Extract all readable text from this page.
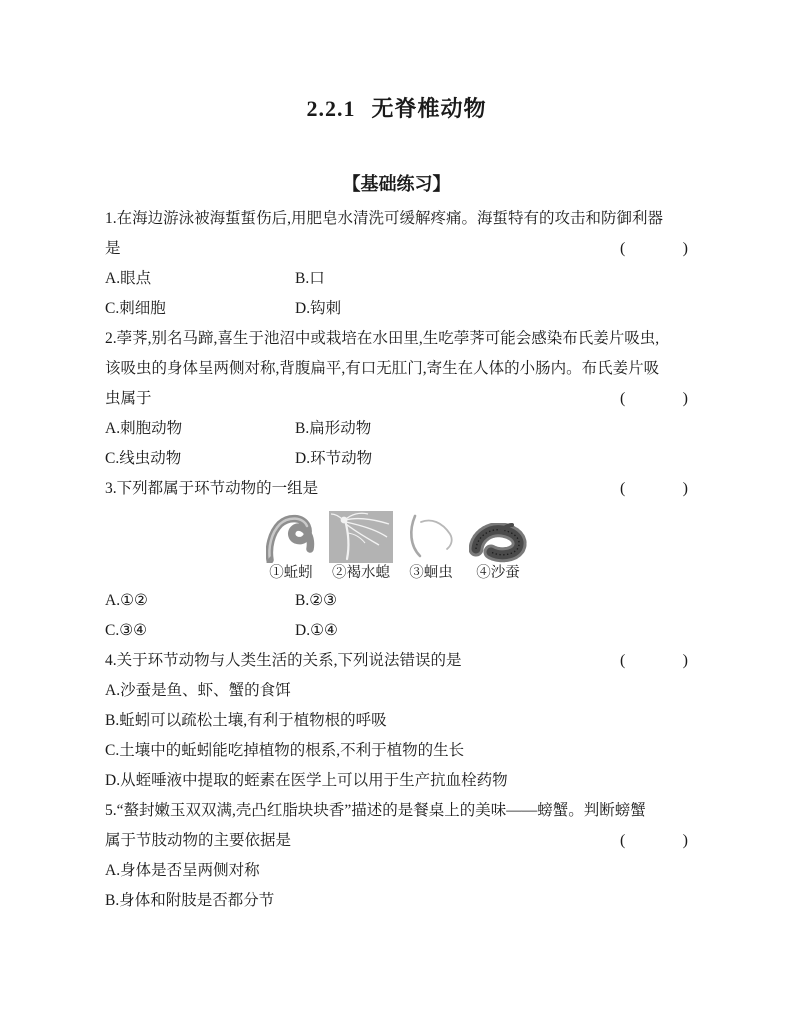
2.2.1 无脊椎动物
【基础练习】
1.在海边游泳被海蜇蜇伤后,用肥皂水清洗可缓解疼痛。海蜇特有的攻击和防御利器
是	(	)
A.眼点	B.口
C.刺细胞	D.钩刺
2.荸荠,别名马蹄,喜生于池沼中或栽培在水田里,生吃荸荠可能会感染布氏姜片吸虫,
该吸虫的身体呈两侧对称,背腹扁平,有口无肛门,寄生在人体的小肠内。布氏姜片吸
虫属于	(	)
A.刺胞动物	B.扁形动物
C.线虫动物	D.环节动物
3.下列都属于环节动物的一组是	(	)
①蚯蚓 ②褐水螅 ③蛔虫 ④沙蚕
A.①②	B.②③
C.③④	D.①④
4.关于环节动物与人类生活的关系,下列说法错误的是	(	)
A.沙蚕是鱼、虾、蟹的食饵
B.蚯蚓可以疏松土壤,有利于植物根的呼吸
C.土壤中的蚯蚓能吃掉植物的根系,不利于植物的生长
D.从蛭唾液中提取的蛭素在医学上可以用于生产抗血栓药物
5.“螯封嫩玉双双满,壳凸红脂块块香”描述的是餐桌上的美味——螃蟹。判断螃蟹
属于节肢动物的主要依据是	(	)
A.身体是否呈两侧对称
B.身体和附肢是否都分节
